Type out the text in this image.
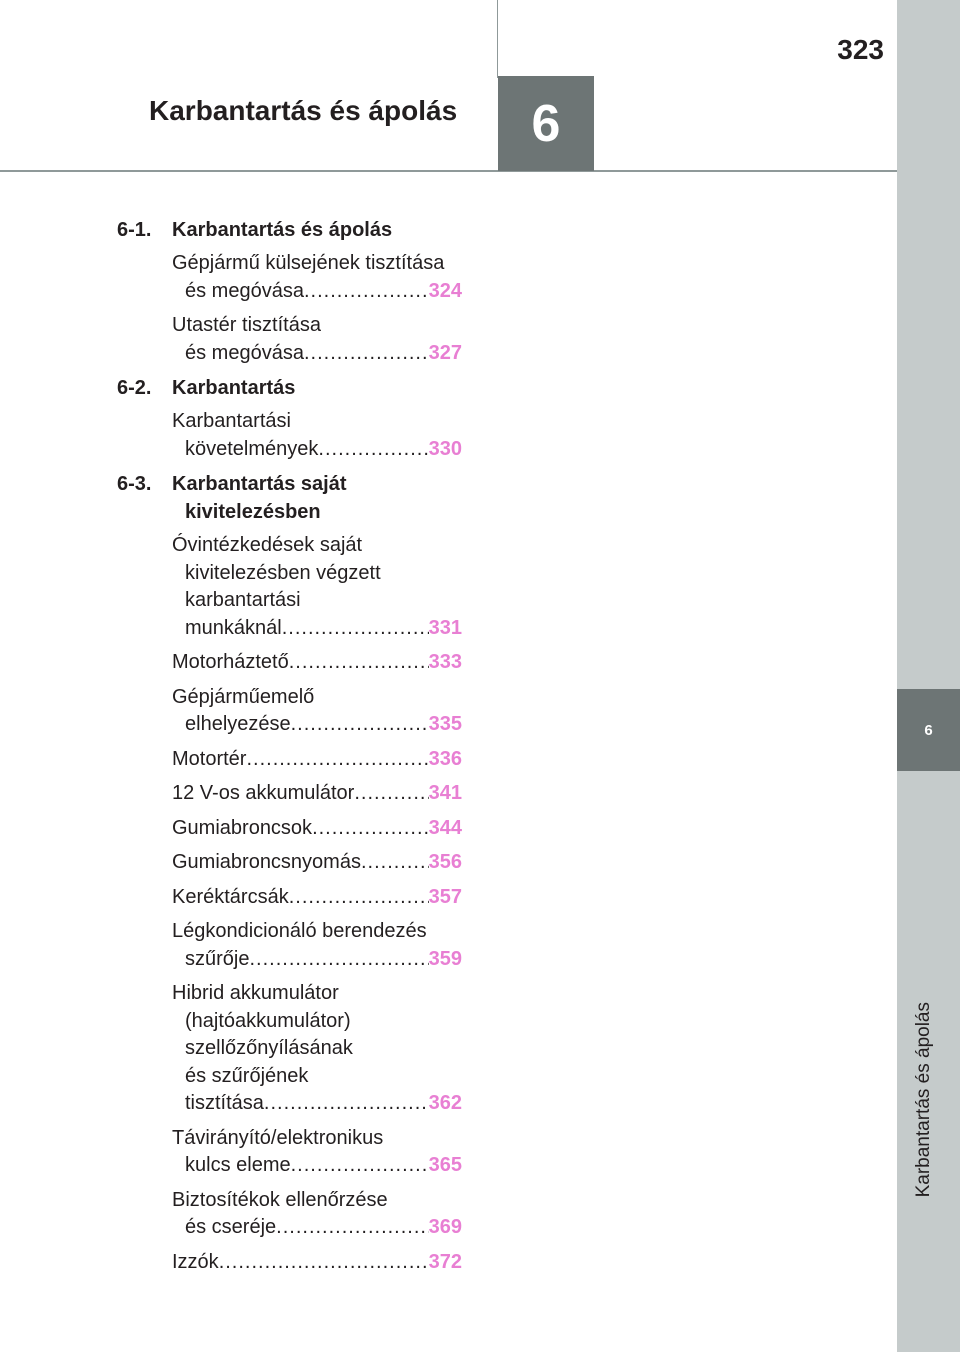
6
Karbantartás és ápolás
323
6
Karbantartás és ápolás
6-1.	Karbantartás és ápolás
Gépjármű külsejének tisztítása
és megóvása .....	324
Utastér tisztítása
és megóvása .....	327
6-2.	Karbantartás
Karbantartási
követelmények .....	330
6-3.	Karbantartás saját
kivitelezésben
Óvintézkedések saját
kivitelezésben végzett
karbantartási
munkáknál .....	331
Motorháztető .....	333
Gépjárműemelő
elhelyezése .....	335
Motortér .....	336
12 V-os akkumulátor .....	341
Gumiabroncsok .....	344
Gumiabroncsnyomás .....	356
Keréktárcsák .....	357
Légkondicionáló berendezés
szűrője .....	359
Hibrid akkumulátor
(hajtóakkumulátor)
szellőzőnyílásának
és szűrőjének
tisztítása .....	362
Távirányító/elektronikus
kulcs eleme .....	365
Biztosítékok ellenőrzése
és cseréje .....	369
Izzók .....	372
